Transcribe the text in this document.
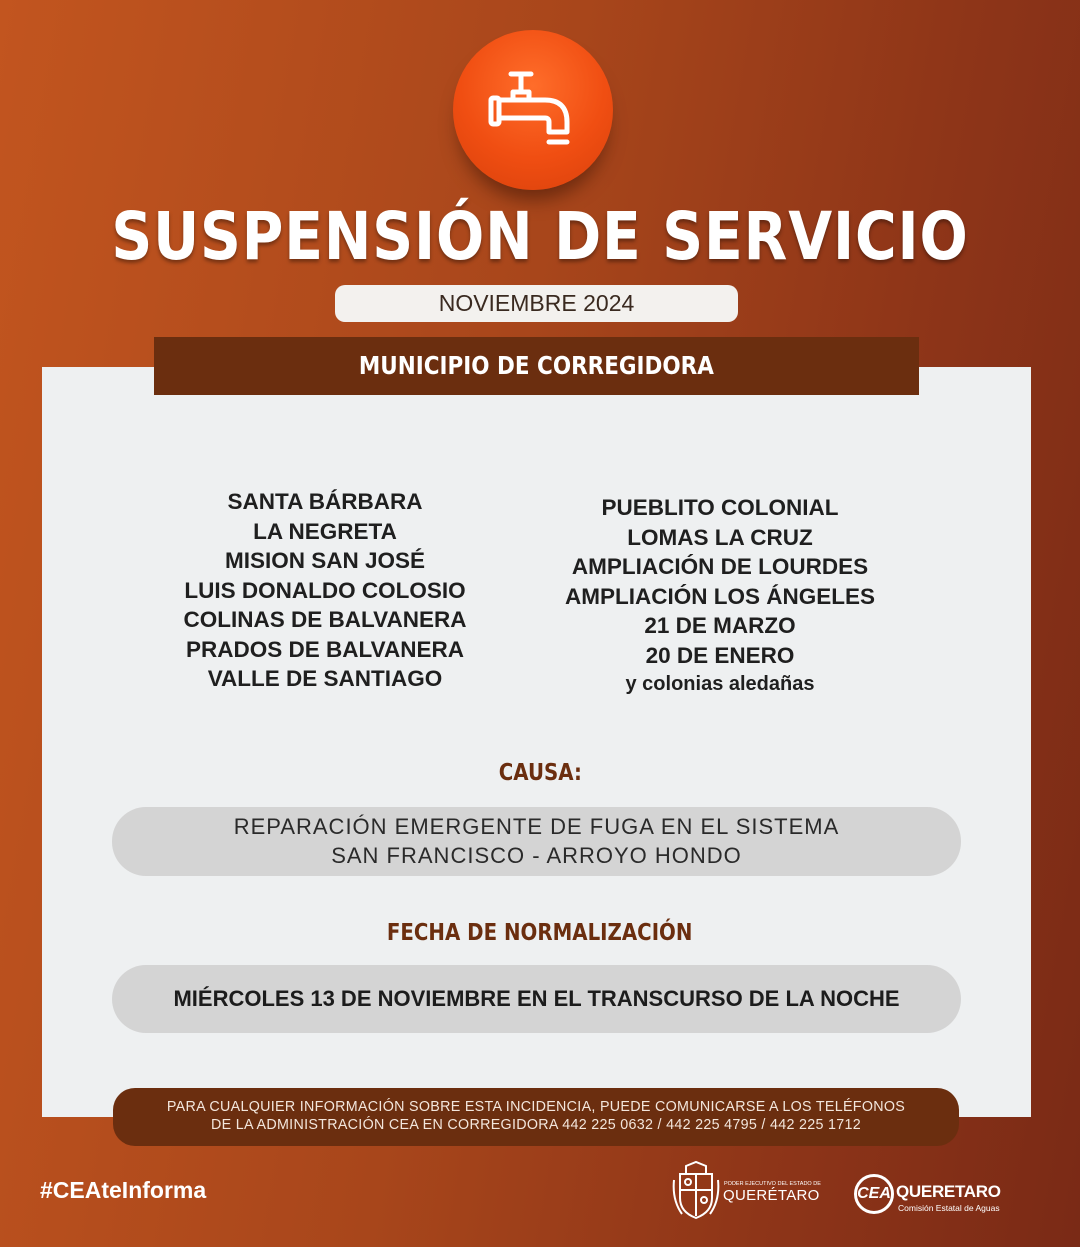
SUSPENSIÓN DE SERVICIO
NOVIEMBRE 2024
MUNICIPIO DE CORREGIDORA
SANTA BÁRBARA
LA NEGRETA
MISION SAN JOSÉ
LUIS DONALDO COLOSIO
COLINAS DE BALVANERA
PRADOS DE BALVANERA
VALLE DE SANTIAGO
PUEBLITO COLONIAL
LOMAS LA CRUZ
AMPLIACIÓN DE LOURDES
AMPLIACIÓN LOS ÁNGELES
21 DE MARZO
20 DE ENERO
y colonias aledañas
CAUSA:
REPARACIÓN EMERGENTE DE FUGA EN EL SISTEMA
SAN FRANCISCO - ARROYO HONDO
FECHA DE NORMALIZACIÓN
MIÉRCOLES 13 DE NOVIEMBRE EN EL TRANSCURSO DE LA NOCHE
PARA CUALQUIER INFORMACIÓN SOBRE ESTA INCIDENCIA, PUEDE COMUNICARSE A LOS TELÉFONOS
DE LA ADMINISTRACIÓN CEA EN CORREGIDORA 442 225 0632 / 442 225 4795 / 442 225 1712
#CEAteInforma	PODER EJECUTIVO DEL ESTADO DE
QUERÉTARO CEA QUERETARO
Comisión Estatal de Aguas
